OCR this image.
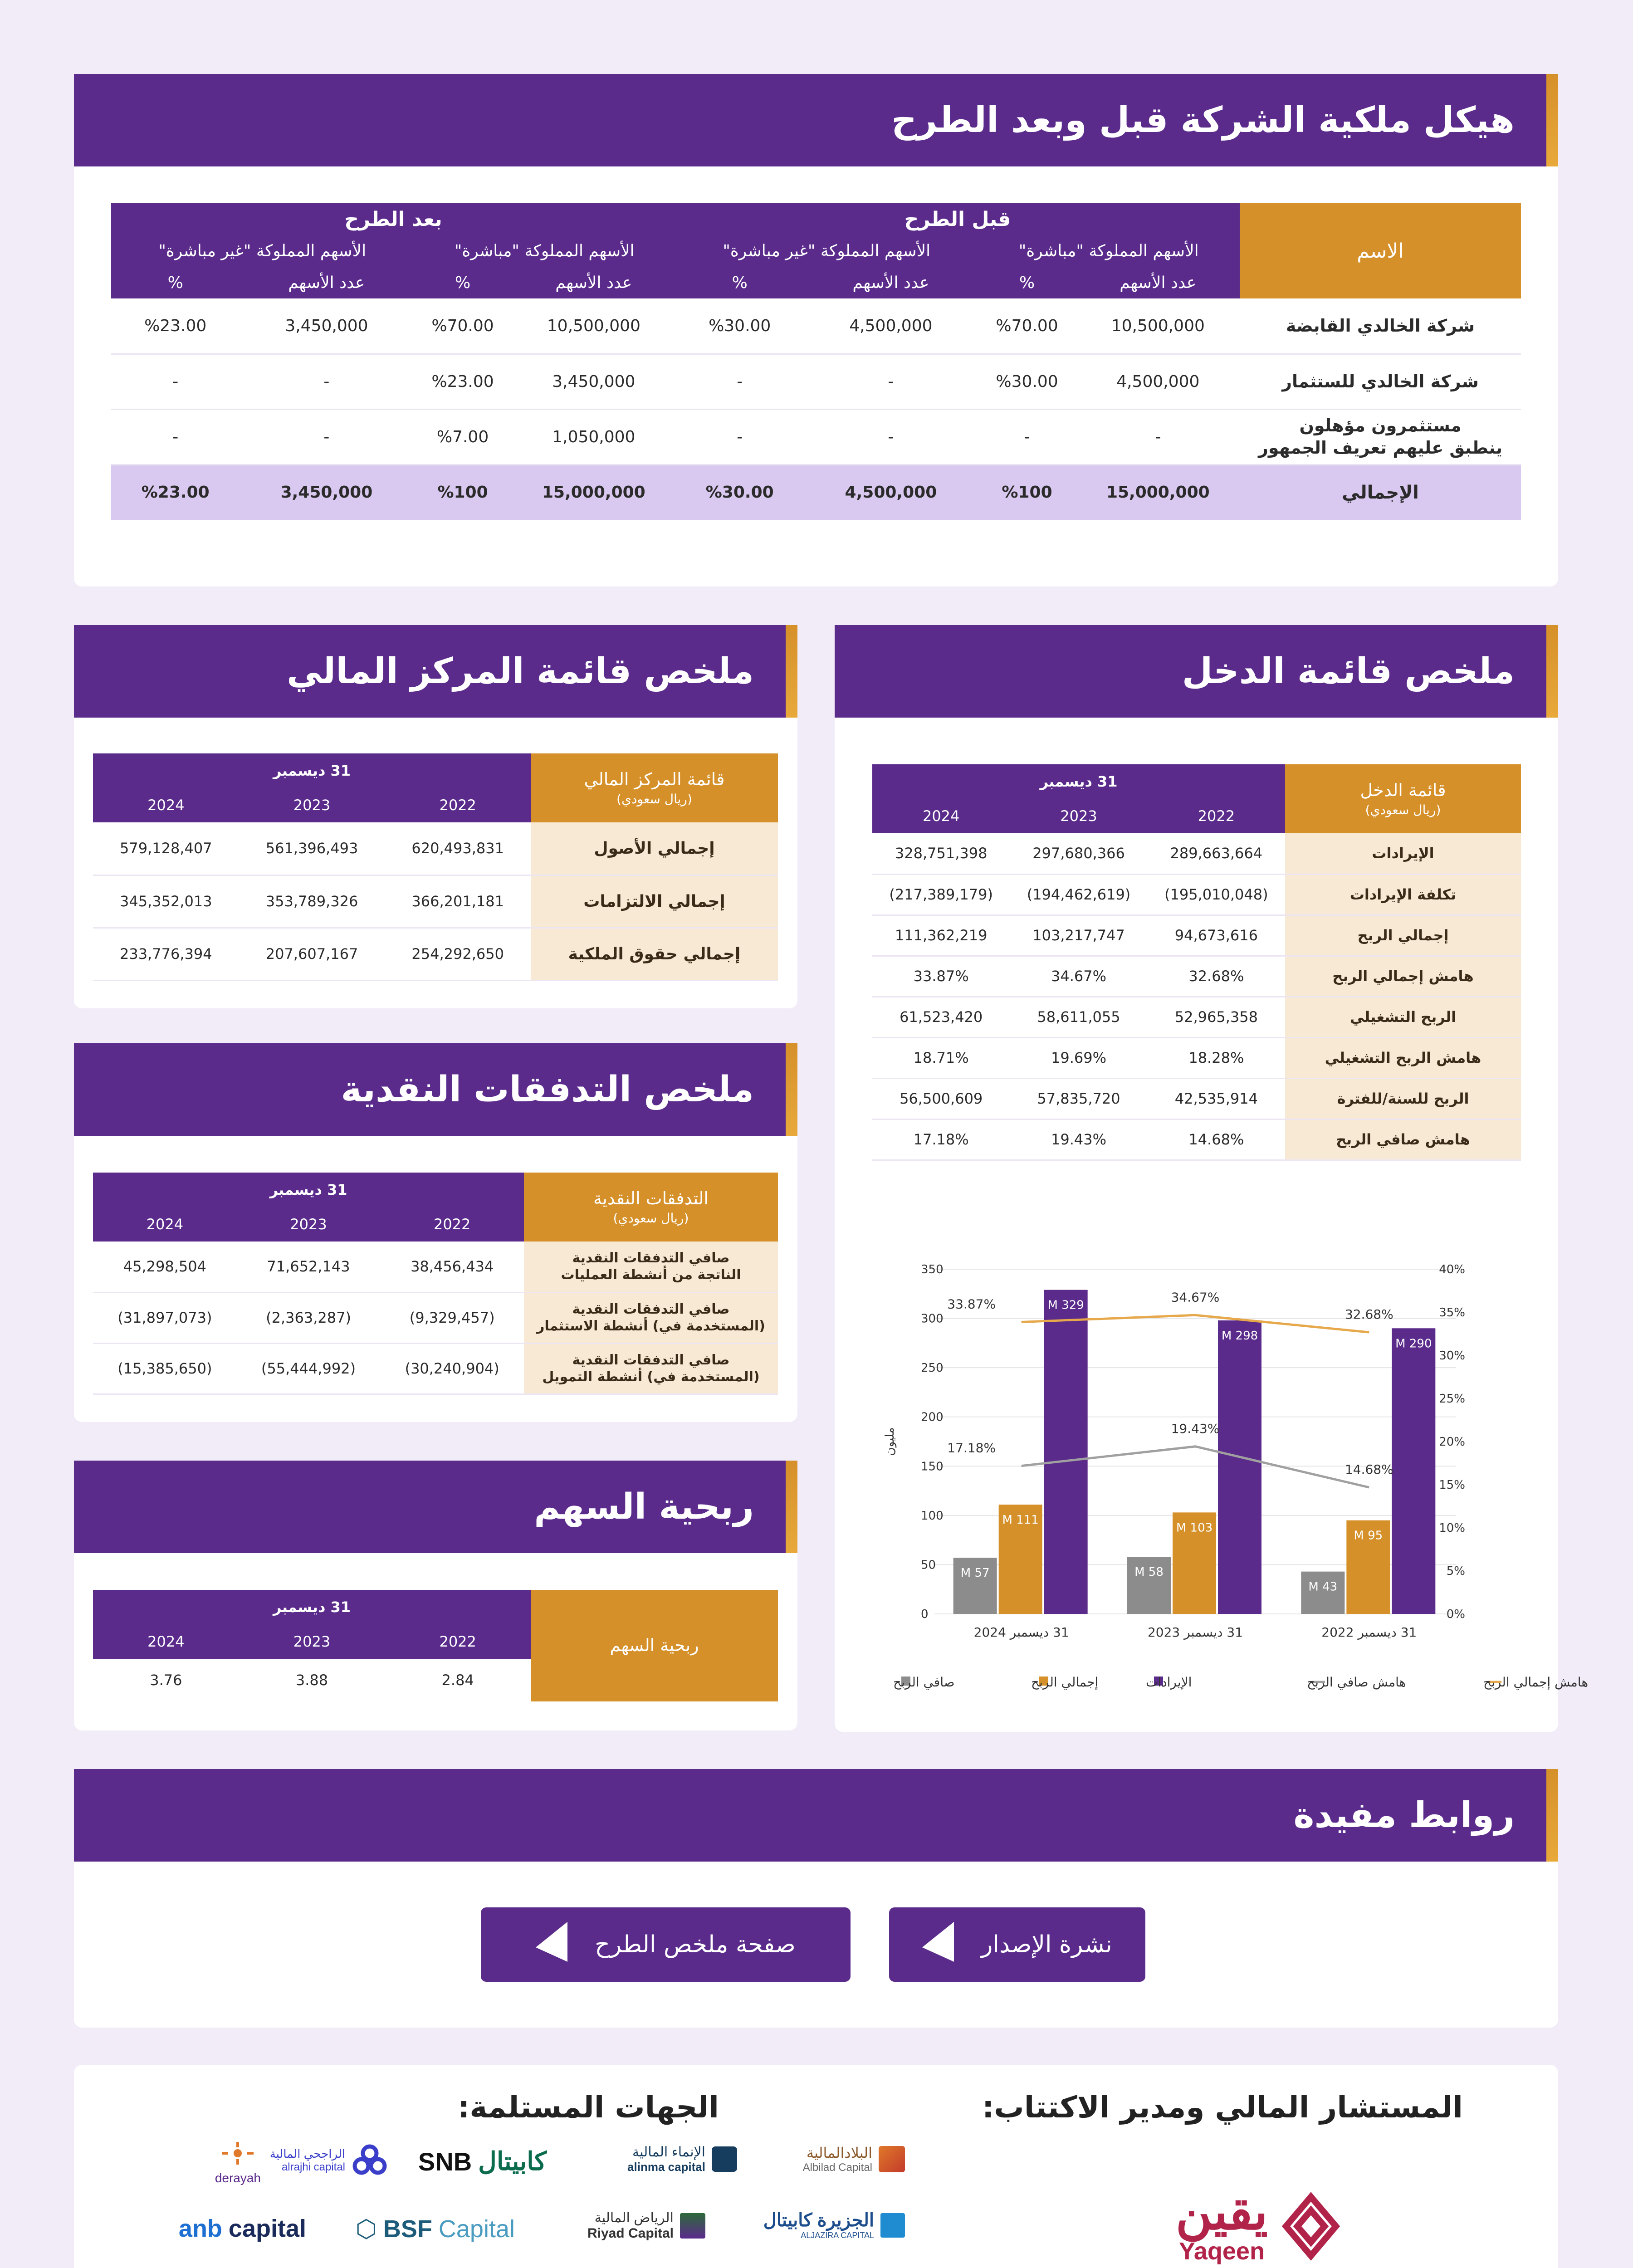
هيكل ملكية الشركة قبل وبعد الطرح
الاسم	قبل الطرح				بعد الطرح			
	الأسهم المملوكة "مباشرة"		الأسهم المملوكة "غير مباشرة"		الأسهم المملوكة "مباشرة"		الأسهم المملوكة "غير مباشرة"	
	عدد الأسهم	%	عدد الأسهم	%	عدد الأسهم	%	عدد الأسهم	%
شركة الخالدي القابضة	10,500,000	%70.00	4,500,000	%30.00	10,500,000	%70.00	3,450,000	%23.00
شركة الخالدي للستثمار	4,500,000	%30.00	-	-	3,450,000	%23.00	-	-
مستثمرون مؤهلون
ينطبق عليهم تعريف الجمهور	-	-	-	-	1,050,000	%7.00	-	-
الإجمالي	15,000,000	%100	4,500,000	%30.00	15,000,000	%100	3,450,000	%23.00
ملخص قائمة الدخل
قائمة الدخل
(ريال سعودي)	31 ديسمبر		
	2022	2023	2024
الإيرادات	289,663,664	297,680,366	328,751,398
تكلفة الإيرادات	(195,010,048)	(194,462,619)	(217,389,179)
إجمالي الربح	94,673,616	103,217,747	111,362,219
هامش إجمالي الربح	32.68%	34.67%	33.87%
الربح التشغيلي	52,965,358	58,611,055	61,523,420
هامش الربح التشغيلي	18.28%	19.69%	18.71%
الربح للسنة/للفترة	42,535,914	57,835,720	56,500,609
هامش صافي الربح	14.68%	19.43%	17.18%
0
50
100
150
200
250
300
350
0%
5%
10%
15%
20%
25%
30%
35%
40%
مليون
57 M
111 M
329 M
31 ديسمبر 2024
58 M
103 M
298 M
31 ديسمبر 2023
43 M
95 M
290 M
31 ديسمبر 2022
17.18%
19.43%
14.68%
33.87%	34.67%
32.68%
هامش إجمالي الربح
هامش صافي الربح
الإيرادات
إجمالي الربح
صافي الربح
ملخص قائمة المركز المالي
قائمة المركز المالي
(ريال سعودي)	31 ديسمبر		
	2022	2023	2024
إجمالي الأصول	620,493,831	561,396,493	579,128,407
إجمالي الالتزامات	366,201,181	353,789,326	345,352,013
إجمالي حقوق الملكية	254,292,650	207,607,167	233,776,394
ملخص التدفقات النقدية
التدفقات النقدية
(ريال سعودي)	31 ديسمبر		
	2022	2023	2024
صافي التدفقات النقدية
الناتجة من أنشطة العمليات	38,456,434	71,652,143	45,298,504
صافي التدفقات النقدية
(المستخدمة في) أنشطة الاستثمار	(9,329,457)	(2,363,287)	(31,897,073)
صافي التدفقات النقدية
(المستخدمة في) أنشطة التمويل	(30,240,904)	(55,444,992)	(15,385,650)
ربحية السهم
ربحية السهم	31 ديسمبر		
	2022	2023	2024
	2.84	3.88	3.76
روابط مفيدة
نشرة الإصدار
صفحة ملخص الطرح
المستشار المالي ومدير الاكتتاب:
الجهات المستلمة:
يقين
Yaqeen
البلادالمالية
Albilad Capital
الإنماء المالية
alinma capital
كابيتال
SNB
الراجحي المالية
alrajhi capital
derayah
الجزيرة كابيتال
ALJAZIRA CAPITAL
الرياض المالية
Riyad Capital
Capital
BSF
⬡
capital
anb
